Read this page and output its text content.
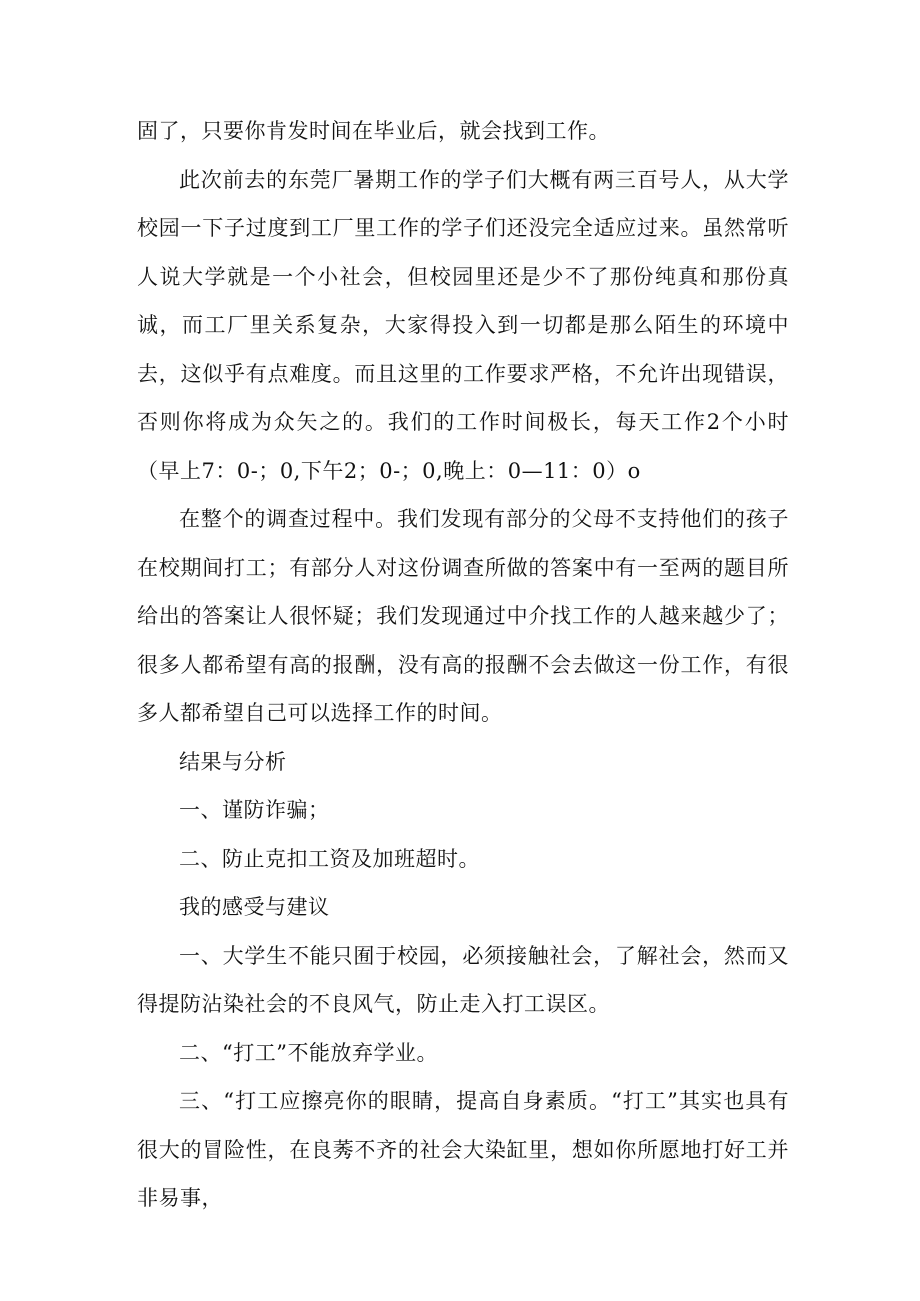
固了，只要你肯发时间在毕业后，就会找到工作。

此次前去的东莞厂暑期工作的学子们大概有两三百号人，从大学校园一下子过度到工厂里工作的学子们还没完全适应过来。虽然常听人说大学就是一个小社会，但校园里还是少不了那份纯真和那份真诚，而工厂里关系复杂，大家得投入到一切都是那么陌生的环境中去，这似乎有点难度。而且这里的工作要求严格，不允许出现错误，否则你将成为众矢之的。我们的工作时间极长，每天工作2个小时（早上7：0-；0,下午2；0-；0,晚上：0—11：0）o

在整个的调查过程中。我们发现有部分的父母不支持他们的孩子在校期间打工；有部分人对这份调查所做的答案中有一至两的题目所给出的答案让人很怀疑；我们发现通过中介找工作的人越来越少了；很多人都希望有高的报酬，没有高的报酬不会去做这一份工作，有很多人都希望自己可以选择工作的时间。

结果与分析

一、谨防诈骗；

二、防止克扣工资及加班超时。

我的感受与建议

一、大学生不能只囿于校园，必须接触社会，了解社会，然而又得提防沾染社会的不良风气，防止走入打工误区。

二、“打工”不能放弃学业。

三、“打工应擦亮你的眼睛，提高自身素质。“打工”其实也具有很大的冒险性，在良莠不齐的社会大染缸里，想如你所愿地打好工并非易事，
